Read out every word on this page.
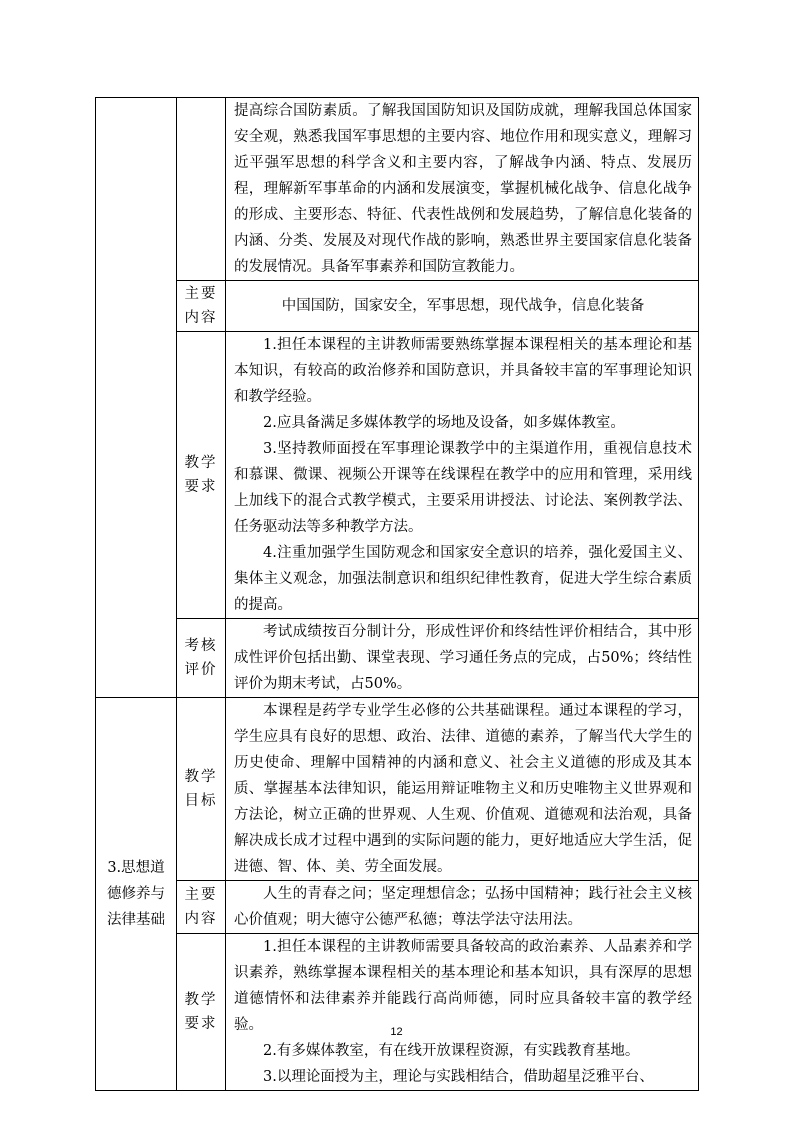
		提高综合国防素质。了解我国国防知识及国防成就，理解我国总体国家安全观，熟悉我国军事思想的主要内容、地位作用和现实意义，理解习近平强军思想的科学含义和主要内容，了解战争内涵、特点、发展历程，理解新军事革命的内涵和发展演变，掌握机械化战争、信息化战争的形成、主要形态、特征、代表性战例和发展趋势，了解信息化装备的内涵、分类、发展及对现代作战的影响，熟悉世界主要国家信息化装备的发展情况。具备军事素养和国防宣教能力。

	主要内容	中国国防，国家安全，军事思想，现代战争，信息化装备

	教学要求	1.担任本课程的主讲教师需要熟练掌握本课程相关的基本理论和基本知识，有较高的政治修养和国防意识，并具备较丰富的军事理论知识和教学经验。

2.应具备满足多媒体教学的场地及设备，如多媒体教室。

3.坚持教师面授在军事理论课教学中的主渠道作用，重视信息技术和慕课、微课、视频公开课等在线课程在教学中的应用和管理，采用线上加线下的混合式教学模式，主要采用讲授法、讨论法、案例教学法、任务驱动法等多种教学方法。

4.注重加强学生国防观念和国家安全意识的培养，强化爱国主义、集体主义观念，加强法制意识和组织纪律性教育，促进大学生综合素质的提高。

	考核评价	考试成绩按百分制计分，形成性评价和终结性评价相结合，其中形成性评价包括出勤、课堂表现、学习通任务点的完成，占50%；终结性评价为期末考试，占50%。

3.思想道德修养与法律基础	教学目标	本课程是药学专业学生必修的公共基础课程。通过本课程的学习，学生应具有良好的思想、政治、法律、道德的素养，了解当代大学生的历史使命、理解中国精神的内涵和意义、社会主义道德的形成及其本质、掌握基本法律知识，能运用辩证唯物主义和历史唯物主义世界观和方法论，树立正确的世界观、人生观、价值观、道德观和法治观，具备解决成长成才过程中遇到的实际问题的能力，更好地适应大学生活，促进德、智、体、美、劳全面发展。

	主要内容	人生的青春之问；坚定理想信念；弘扬中国精神；践行社会主义核心价值观；明大德守公德严私德；尊法学法守法用法。

	教学要求	1.担任本课程的主讲教师需要具备较高的政治素养、人品素养和学识素养，熟练掌握本课程相关的基本理论和基本知识，具有深厚的思想道德情怀和法律素养并能践行高尚师德，同时应具备较丰富的教学经验。

2.有多媒体教室，有在线开放课程资源，有实践教育基地。

3.以理论面授为主，理论与实践相结合，借助超星泛雅平台、

12
